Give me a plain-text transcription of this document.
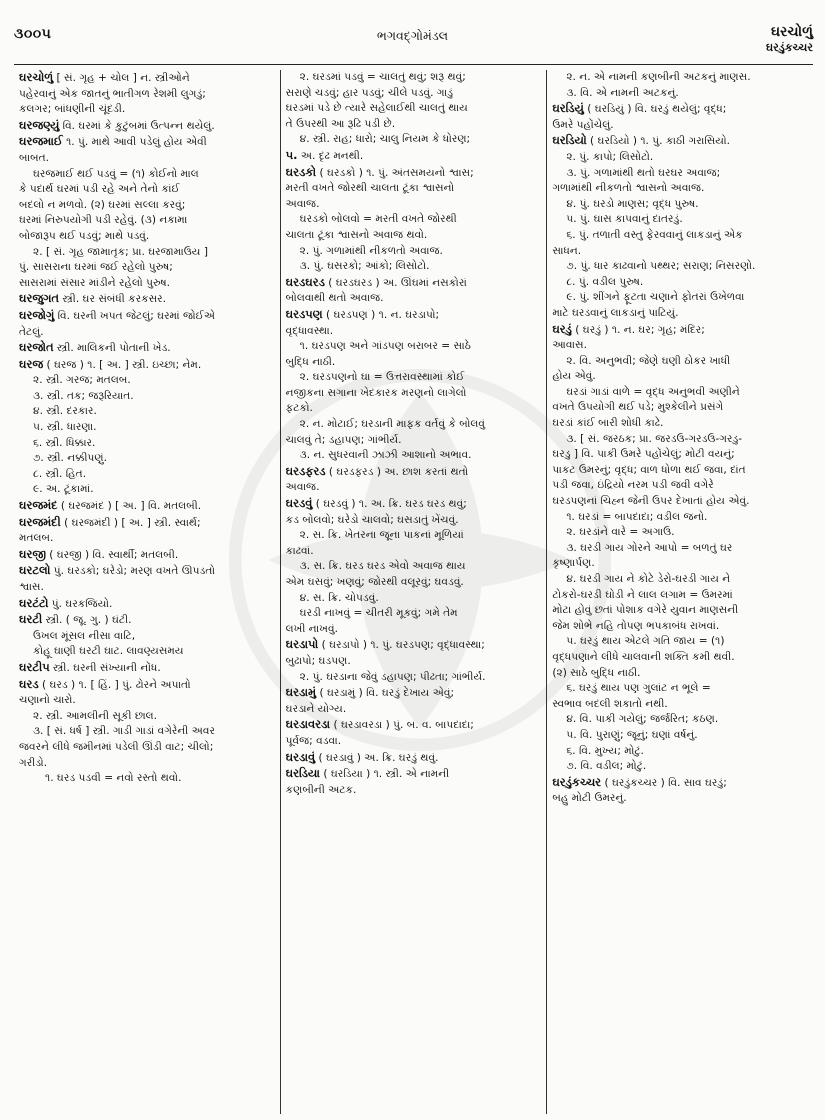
૩૦૦૫	ભગવદ્ગોમંડલ	ઘરચોળું
ઘરડુંકચ્ચર
ઘરચોળું [ સં. ગૃહ + ચોલ ] ન. સ્ત્રીઓને
પહેરવાનું એક જાતનું ભાતીગળ રેશમી લુગડું;
કલગર; બાંધણીની ચૂંદડી.
ઘરજણ્યું વિ. ઘરમાં કે કુટુંબમાં ઉત્પન્ન થયેલું.
ઘરજમાઈ ૧. પું. માથે આવી પડેલું હોય એવી
બાબત.
ઘરજમાઈ થઈ પડવું = (૧) કોઈનો માલ
કે પદાર્થ ઘરમાં પડી રહે અને તેનો કાંઈ
બદલો ન મળવો. (૨) ઘરમાં સલ્લા કરવું;
ઘરમાં નિરુપયોગી પડી રહેવું. (૩) નકામા
બોજારૂપ થઈ પડવું; માથે પડવું.
૨. [ સં. ગૃહ જામાતૃક; પ્રા. ઘરજામાઉય ]
પું. સાસરાના ઘરમાં જઈ રહેલો પુરુષ;
સાસરામાં સંસાર માંડીને રહેલો પુરુષ.
ઘરજુગત સ્ત્રી. ઘર સંબંધી કરકસર.
ઘરજોગું વિ. ઘરની ખપત જેટલું; ઘરમાં જોઈએ
તેટલું.
ઘરજોત સ્ત્રી. માલિકની પોતાની ખેડ.
ઘરજ ( ઘરજ ) ૧. [ અ. ] સ્ત્રી. ઇચ્છા; નેમ.
૨. સ્ત્રી. ગરજ; મતલબ.
૩. સ્ત્રી. તક; જરૂરિયાત.
૪. સ્ત્રી. દરકાર.
૫. સ્ત્રી. ધારણા.
૬. સ્ત્રી. ધિક્કાર.
૭. સ્ત્રી. નક્કીપણું.
૮. સ્ત્રી. હિત.
૯. અ. ટૂંકામાં.
ઘરજમંદ ( ઘરજમંદ ) [ અ. ] વિ. મતલબી.
ઘરજમંદી ( ઘરજમંદી ) [ અ. ] સ્ત્રી. સ્વાર્થ;
મતલબ.
ઘરજી ( ઘરજી ) વિ. સ્વાર્થી; મતલબી.
ઘરટલો પું. ઘરડકો; ઘરેડો; મરણ વખતે ઊપડતો
શ્વાસ.
ઘરટંટો પું. ઘરકજિયો.
ઘરટી સ્ત્રી. ( જૂ. ગુ. ) ઘંટી.
ઉખલ મૂંસલ નીસા વાટિ,
કોહૂ ઘાણી ઘરટી ઘાટ. લાવણ્યસમય
ઘરટીપ સ્ત્રી. ઘરની સંખ્યાની નોંધ.
ઘરડ ( ઘરડ ) ૧. [ હિં. ] પું. ઢોરને અપાતો
ચણાનો ચારો.
૨. સ્ત્રી. આમલીની સૂકી છાલ.
૩. [ સં. ધર્ષ ] સ્ત્રી. ગાડી ગાડાં વગેરેની અવર
જવરને લીધે જમીનમાં પડેલી ઊંડી વાટ; ચીલો;
ગરીડો.
૧. ઘરડ પડવી = નવો રસ્તો થવો.
૨. ઘરડમાં પડવું = ચાલતું થવું; શરૂ થવું;
સરાણે ચડવું; હાર પડવું; ચીલે પડવું. ગાડું
ઘરડમાં પડે છે ત્યારે સહેલાઈથી ચાલતું થાય
તે ઉપરથી આ રૂઢિ પડી છે.
૪. સ્ત્રી. રાહ; ધારો; ચાલુ નિયમ કે ધોરણ;
૫. અ. દૃઢ મનથી.
ઘરડકો ( ઘરડકો ) ૧. પું. અંતસમયનો શ્વાસ;
મરતી વખતે જોરથી ચાલતા ટૂંકા શ્વાસનો
અવાજ.
ઘરડકો બોલવો = મરતી વખતે જોરથી
ચાલતા ટૂંકા શ્વાસનો અવાજ થવો.
૨. પું. ગળામાંથી નીકળતો અવાજ.
૩. પું. ઘસરકો; આંકો; લિસોટો.
ઘરડઘરડ ( ઘરડઘરડ ) અ. ઊંઘમાં નસકોરાં
બોલવાથી થતો અવાજ.
ઘરડપણ ( ઘરડપણ ) ૧. ન. ઘરડાપો;
વૃદ્ધાવસ્થા.
૧. ઘરડપણ અને ગાંડપણ બરાબર = સાઠે
બુદ્ધિ નાઠી.
૨. ઘરડપણનો ઘા = ઉત્તરાવસ્થામાં કોઈ
નજીકના સગાના ખેદકારક મરણનો લાગેલો
ફટકો.
૨. ન. મોટાઈ; ઘરડાની માફક વર્તવું કે બોલવું
ચાલવું તે; ડહાપણ; ગાંભીર્ય.
૩. ન. સુધરવાની ઝાઝી આશાનો અભાવ.
ઘરડફરડ ( ઘરડફરડ ) અ. છાશ કરતાં થતો
અવાજ.
ઘરડવું ( ઘરડવું ) ૧. અ. ક્રિ. ઘરડ ઘરડ થવું;
કડ બોલવો; ઘરેડો ચાલવો; ઘસડાતું ખેંચવું.
૨. સ. ક્રિ. ખેતરના જૂના પાકનાં મૂળિયાં
કાઢવાં.
૩. સ. ક્રિ. ઘરડ ઘરડ એવો અવાજ થાય
એમ ઘસવું; ખણવું; જોરથી વલૂરવું; ઘવડવું.
૪. સ. ક્રિ. ચોપડવું.
ઘરડી નાખવું = ચીતરી મૂકવું; ગમે તેમ
લખી નાખવું.
ઘરડાપો ( ઘરડાપો ) ૧. પું. ઘરડપણ; વૃદ્ધાવસ્થા;
બુઢાપો; ઘડપણ.
૨. પું. ઘરડાના જેવું ડહાપણ; પીઢતા; ગાંભીર્ય.
ઘરડામું ( ઘરડામું ) વિ. ઘરડું દેખાય એવું;
ઘરડાને યોગ્ય.
ઘરડાવરડા ( ઘરડાવરડા ) પું. બ. વ. બાપદાદા;
પૂર્વજ; વડવા.
ઘરડાવું ( ઘરડાવું ) અ. ક્રિ. ઘરડું થવું.
ઘરડિયા ( ઘરડિયા ) ૧. સ્ત્રી. એ નામની
કણબીની અટક.
૨. ન. એ નામની કણબીની અટકનું માણસ.
૩. વિ. એ નામની અટકનું.
ઘરડિયું ( ઘરડિયું ) વિ. ઘરડું થયેલું; વૃદ્ધ;
ઉંમરે પહોંચેલું.
ઘરડિયો ( ઘરડિયો ) ૧. પું. કાઠી ગરાસિયો.
૨. પું. કાપો; લિસોટો.
૩. પું. ગળામાંથી થતો ઘરઘર અવાજ;
ગળામાંથી નીકળતો શ્વાસનો અવાજ.
૪. પું. ઘરડો માણસ; વૃદ્ધ પુરુષ.
૫. પું. ઘાસ કાપવાનું દાતરડું.
૬. પું. તળાતી વસ્તુ ફેરવવાનું લાકડાનું એક
સાધન.
૭. પું. ધાર કાઢવાનો પથ્થર; સરાણ; નિસરણો.
૮. પું. વડીલ પુરુષ.
૯. પું. શીંગને ફૂટતા ચણાને ફોતરાં ઉખેળવા
માટે ઘરડવાનું લાકડાનું પાટિયું.
ઘરડું ( ઘરડું ) ૧. ન. ઘર; ગૃહ; મંદિર;
આવાસ.
૨. વિ. અનુભવી; જેણે ઘણી ઠોકર ખાધી
હોય એવું.
ઘરડાં ગાડાં વાળે = વૃદ્ધ અનુભવી અણીને
વખતે ઉપયોગી થઈ પડે; મુશ્કેલીને પ્રસંગે
ઘરડાં કાંઈ બારી શોધી કાઢે.
૩. [ સં. જરઠક; પ્રા. જરડઉ-ગરડઉ-ગરડુ-
ઘરડુ ] વિ. પાકી ઉંમરે પહોંચેલું; મોટી વયનું;
પાકટ ઉંમરનું; વૃદ્ધ; વાળ ધોળા થઈ જવા, દાંત
પડી જવા, ઇંદ્રિયો નરમ પડી જવી વગેરે
ઘરડપણનાં ચિહ્ન જેની ઉપર દેખાતાં હોય એવું.
૧. ઘરડાં = બાપદાદા; વડીલ જનો.
૨. ઘરડાંને વારે = અગાઉ.
૩. ઘરડી ગાય ગોરને આપો = બળતું ઘર
કૃષ્ણાર્પણ.
૪. ઘરડી ગાય ને કોટે ડેરો-ઘરડી ગાય ને
ટોકરો-ઘરડી ઘોડી ને લાલ લગામ = ઉંમરમાં
મોટા હોવું છતાં પોશાક વગેરે યુવાન માણસની
જેમ શોભે નહિ તોપણ ભપકાબંધ રાખવાં.
૫. ઘરડું થાય એટલે ગતિ જાય = (૧)
વૃદ્ધપણાને લીધે ચાલવાની શક્તિ કમી થવી.
(૨) સાઠે બુદ્ધિ નાઠી.
૬. ઘરડું થાય પણ ગુલાંટ ન ભૂલે =
સ્વભાવ બદલી શકાતો નથી.
૪. વિ. પાકી ગયેલું; જર્જરિત; કઠણ.
૫. વિ. પુરાણું; જૂનું; ઘણાં વર્ષનું.
૬. વિ. મુખ્ય; મોટું.
૭. વિ. વડીલ; મોટું.
ઘરડુંકચ્ચર ( ઘરડુંકચ્ચર ) વિ. સાવ ઘરડું;
બહુ મોટી ઉંમરનું.
